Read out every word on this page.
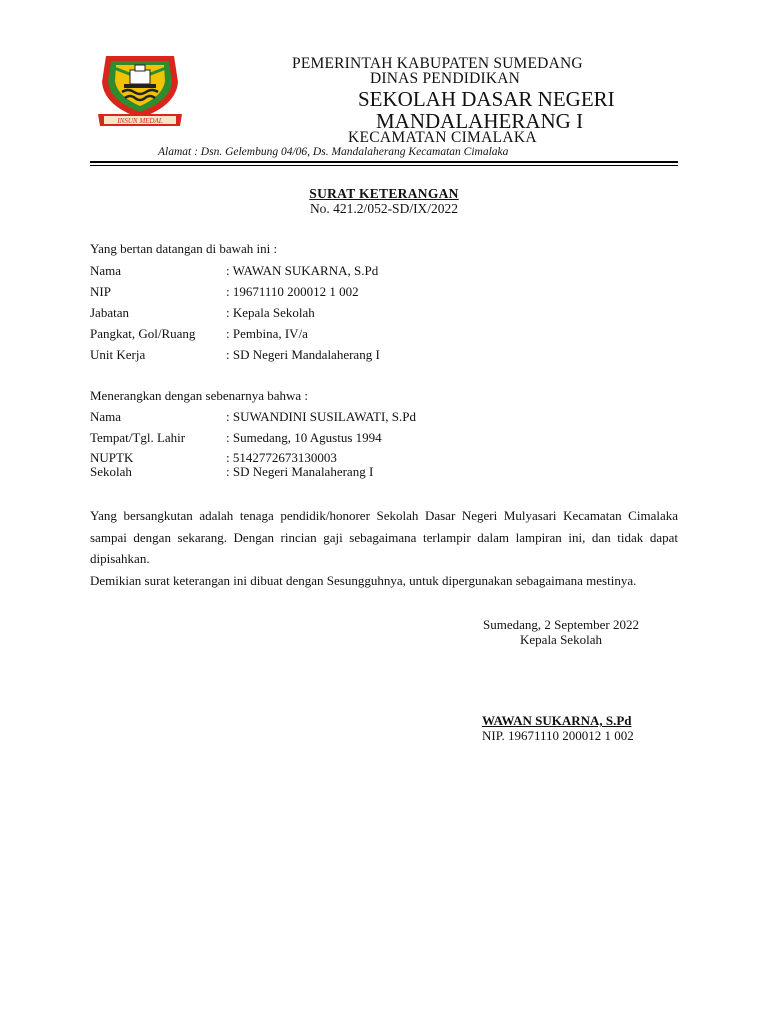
INSUN MEDAL
PEMERINTAH KABUPATEN SUMEDANG
DINAS PENDIDIKAN
SEKOLAH DASAR NEGERI
MANDALAHERANG I
KECAMATAN CIMALAKA
Alamat : Dsn. Gelembung 04/06, Ds. Mandalaherang Kecamatan Cimalaka
SURAT KETERANGAN
No. 421.2/052-SD/IX/2022
Yang bertan datangan di bawah ini :
Nama	: WAWAN SUKARNA, S.Pd
NIP	: 19671110 200012 1 002
Jabatan	: Kepala Sekolah
Pangkat, Gol/Ruang : Pembina, IV/a
Unit Kerja	: SD Negeri Mandalaherang I
Menerangkan dengan sebenarnya bahwa :
Nama	: SUWANDINI SUSILAWATI, S.Pd
Tempat/Tgl. Lahir	: Sumedang, 10 Agustus 1994
NUPTK	: 5142772673130003
Sekolah	: SD Negeri Manalaherang I

Yang bersangkutan adalah tenaga pendidik/honorer Sekolah Dasar Negeri Mulyasari Kecamatan Cimalaka sampai dengan sekarang. Dengan rincian gaji sebagaimana terlampir dalam lampiran ini, dan tidak dapat dipisahkan.

Demikian surat keterangan ini dibuat dengan Sesungguhnya, untuk dipergunakan sebagaimana mestinya.

Sumedang, 2 September 2022
Kepala Sekolah
WAWAN SUKARNA, S.Pd
NIP. 19671110 200012 1 002
